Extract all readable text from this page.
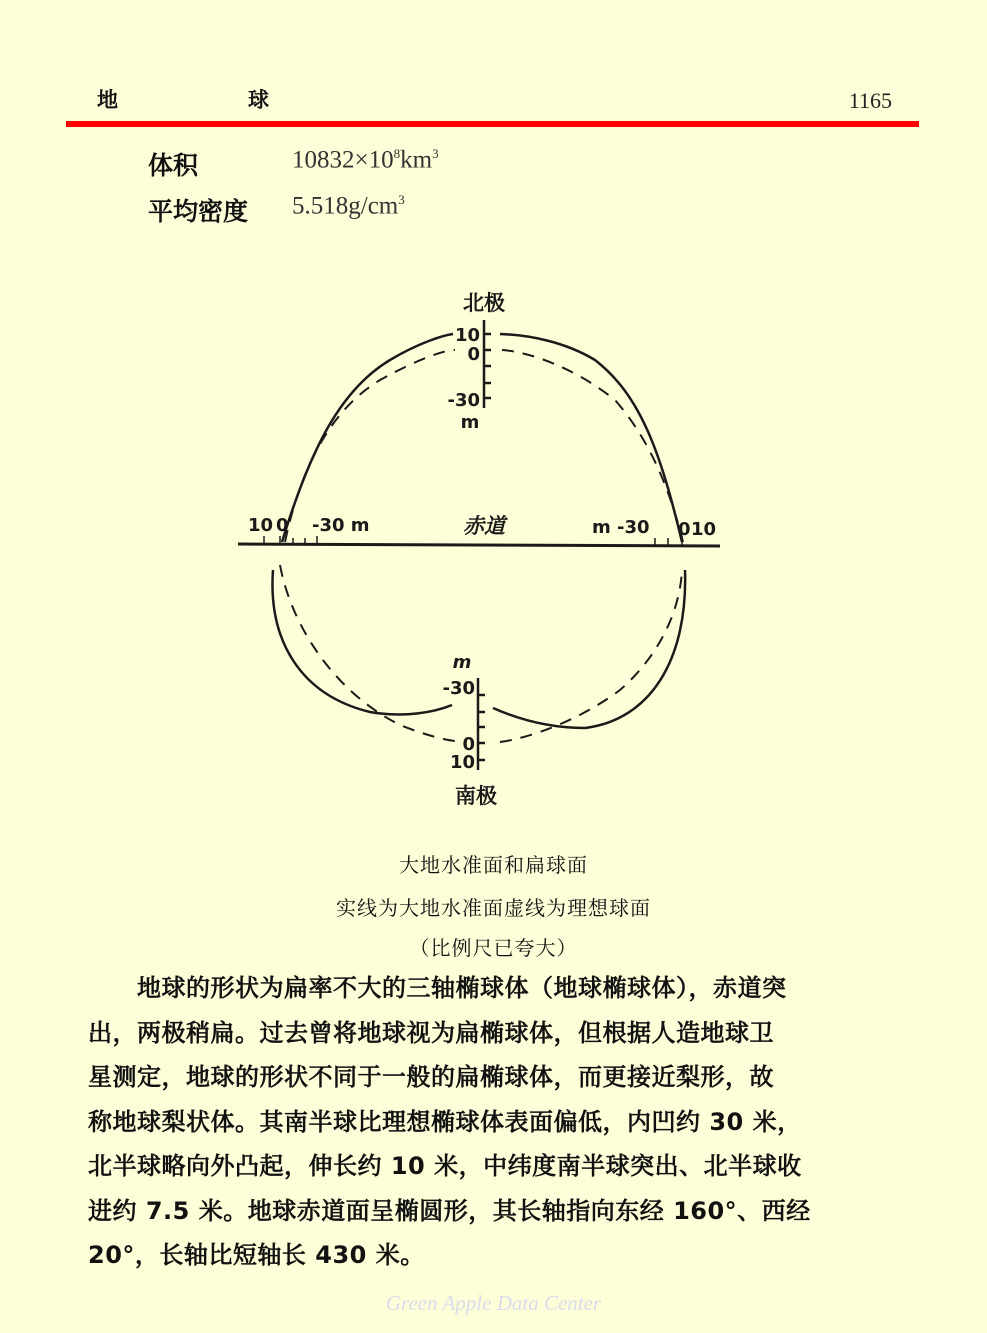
地	球	1165
体积	$10832\times 10^8km^3$
平均密度 $5.518g/cm^3$
北极
10
0
-30
m
10 0 -30 m	赤道	m -30 0 10
m
-30
0
10
南极
大地水准面和扁球面
实线为大地水准面虚线为理想球面
（比例尺已夸大）
　　地球的形状为扁率不大的三轴椭球体（地球椭球体），赤道突
出，两极稍扁。过去曾将地球视为扁椭球体，但根据人造地球卫
星测定，地球的形状不同于一般的扁椭球体，而更接近梨形，故
称地球梨状体。其南半球比理想椭球体表面偏低，内凹约 30 米，
北半球略向外凸起，伸长约 10 米，中纬度南半球突出、北半球收
进约 7.5 米。地球赤道面呈椭圆形，其长轴指向东经 160°、西经
20°，长轴比短轴长 430 米。
Green Apple Data Center
